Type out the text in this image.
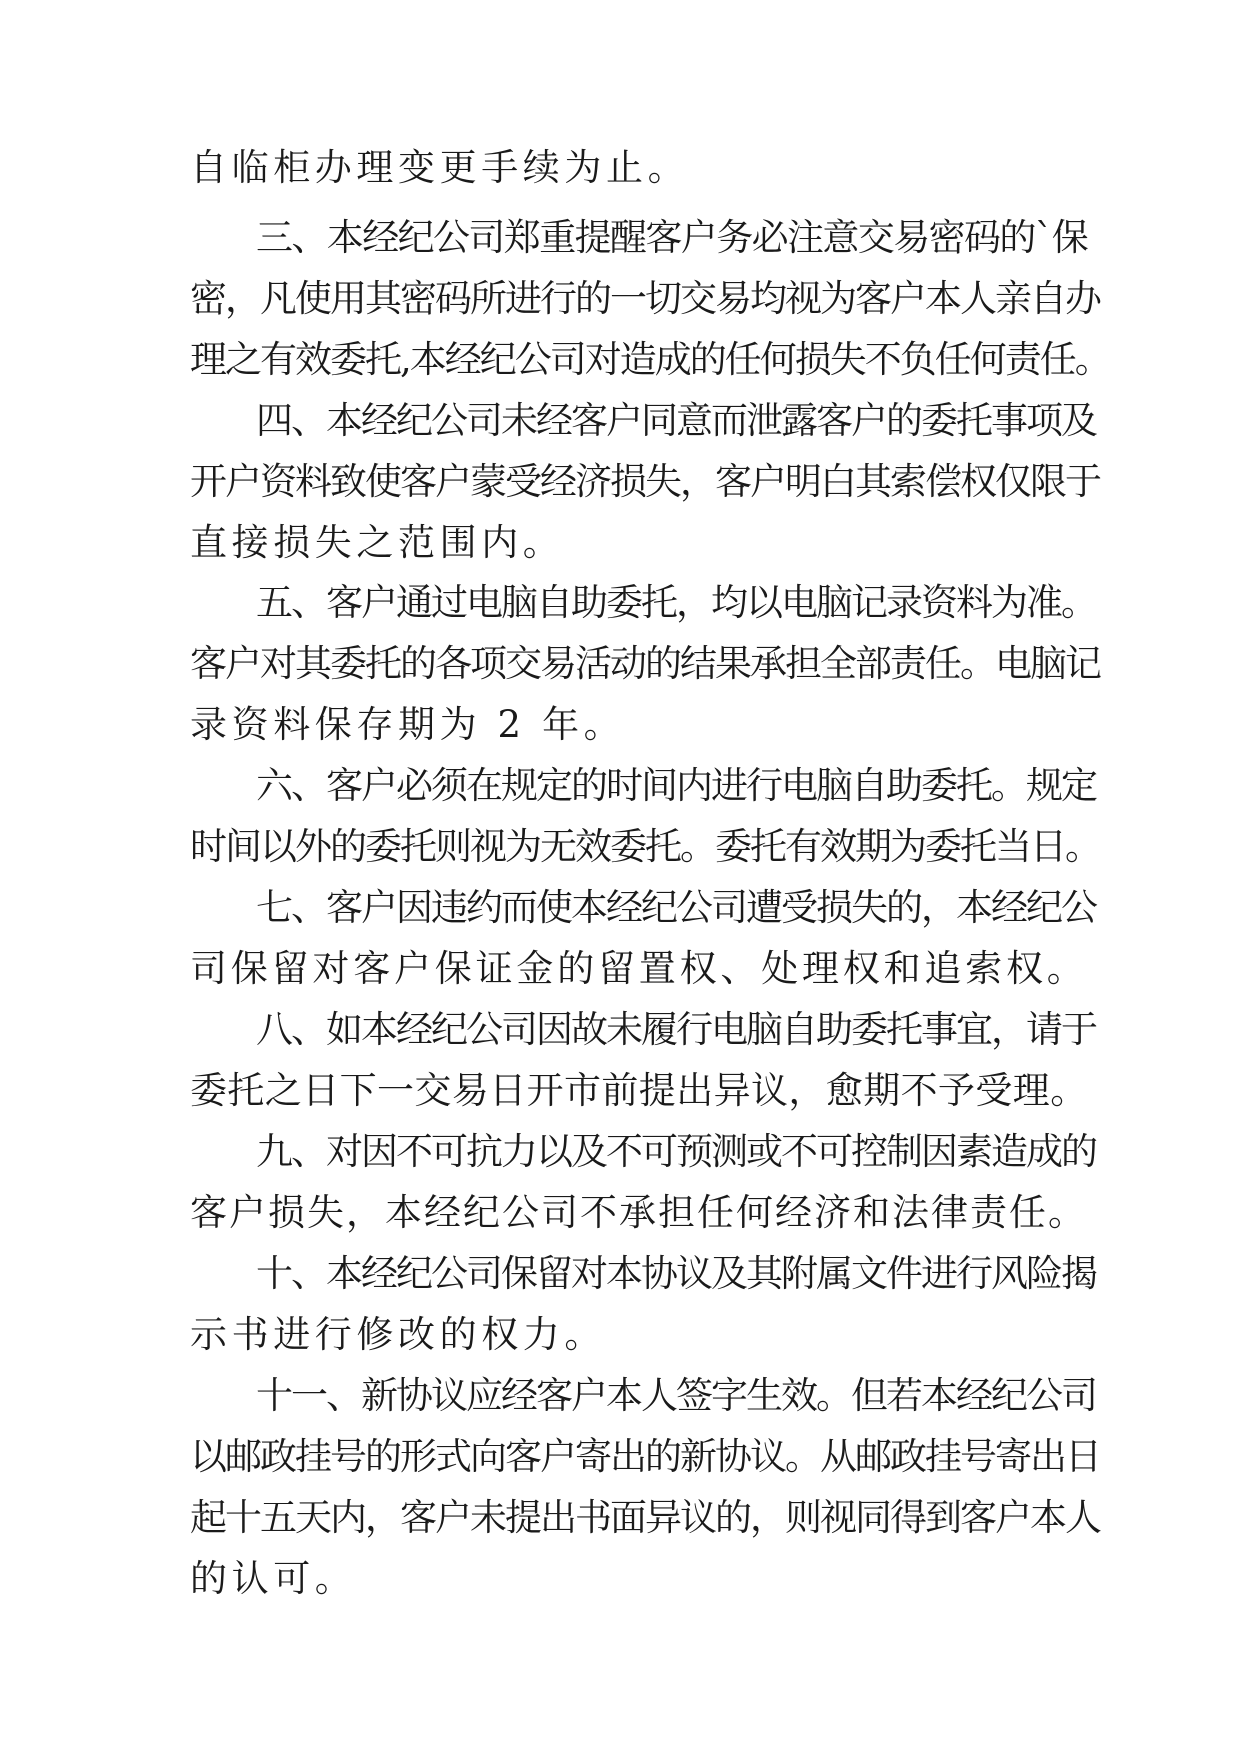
自临柜办理变更手续为止。
三、本经纪公司郑重提醒客户务必注意交易密码的`保
密，凡使用其密码所进行的一切交易均视为客户本人亲自办
理之有效委托,本经纪公司对造成的任何损失不负任何责任。
四、本经纪公司未经客户同意而泄露客户的委托事项及
开户资料致使客户蒙受经济损失，客户明白其索偿权仅限于
直接损失之范围内。
五、客户通过电脑自助委托，均以电脑记录资料为准。
客户对其委托的各项交易活动的结果承担全部责任。电脑记
录资料保存期为 2 年。
六、客户必须在规定的时间内进行电脑自助委托。规定
时间以外的委托则视为无效委托。委托有效期为委托当日。
七、客户因违约而使本经纪公司遭受损失的，本经纪公
司保留对客户保证金的留置权、处理权和追索权。
八、如本经纪公司因故未履行电脑自助委托事宜，请于
委托之日下一交易日开市前提出异议，愈期不予受理。
九、对因不可抗力以及不可预测或不可控制因素造成的
客户损失，本经纪公司不承担任何经济和法律责任。
十、本经纪公司保留对本协议及其附属文件进行风险揭
示书进行修改的权力。
十一、新协议应经客户本人签字生效。但若本经纪公司
以邮政挂号的形式向客户寄出的新协议。从邮政挂号寄出日
起十五天内，客户未提出书面异议的，则视同得到客户本人
的认可。
